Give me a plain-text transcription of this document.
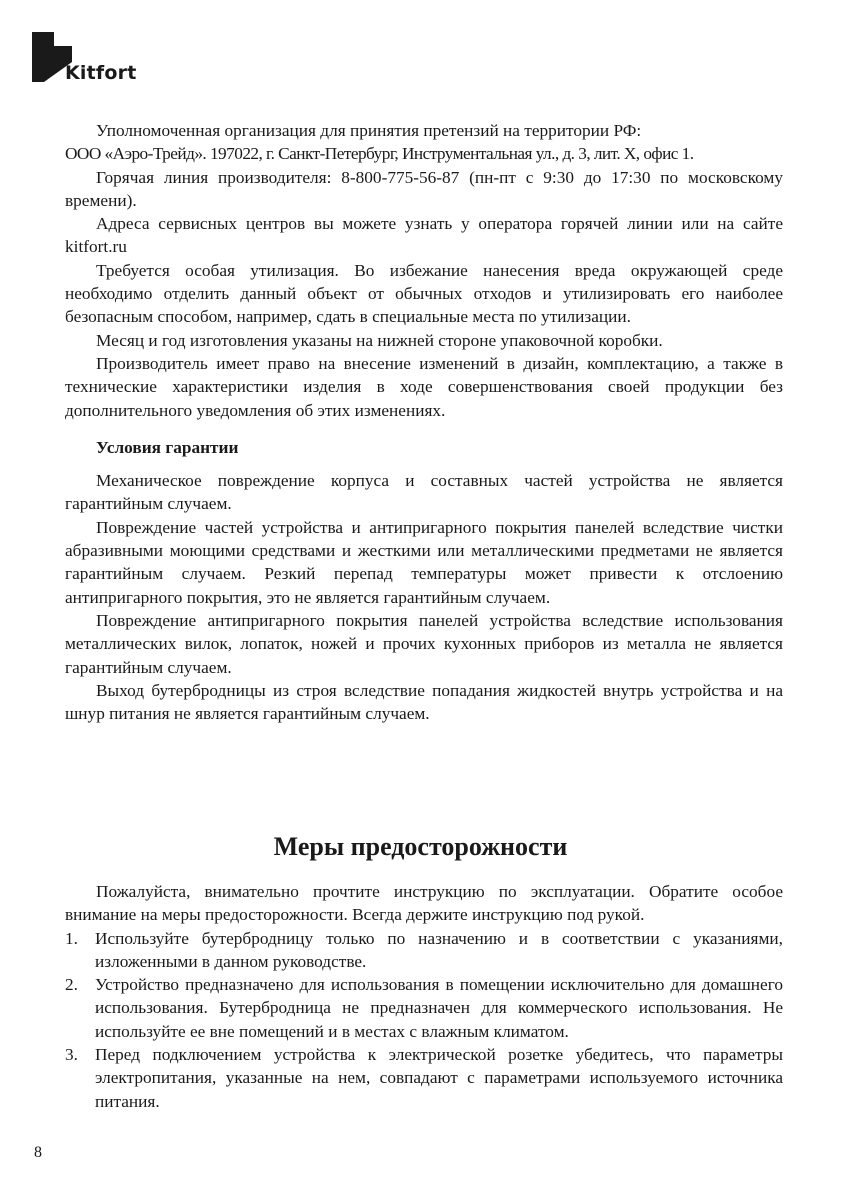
Kitfort

Уполномоченная организация для принятия претензий на территории РФ:
ООО «Аэро-Трейд». 197022, г. Санкт-Петербург, Инструментальная ул., д. 3, лит. Х, офис 1.

Горячая линия производителя: 8-800-775-56-87 (пн-пт с 9:30 до 17:30 по московскому времени).

Адреса сервисных центров вы можете узнать у оператора горячей линии или на сайте kitfort.ru

Требуется особая утилизация. Во избежание нанесения вреда окружающей среде необходимо отделить данный объект от обычных отходов и утилизировать его наиболее безопасным способом, например, сдать в специальные места по утилизации.

Месяц и год изготовления указаны на нижней стороне упаковочной коробки.

Производитель имеет право на внесение изменений в дизайн, комплектацию, а также в технические характеристики изделия в ходе совершенствования своей продукции без дополнительного уведомления об этих изменениях.

Условия гарантии

Механическое повреждение корпуса и составных частей устройства не является гарантийным случаем.

Повреждение частей устройства и антипригарного покрытия панелей вследствие чистки абразивными моющими средствами и жесткими или металлическими предметами не является гарантийным случаем. Резкий перепад температуры может привести к отслоению антипригарного покрытия, это не является гарантийным случаем.

Повреждение антипригарного покрытия панелей устройства вследствие использования металлических вилок, лопаток, ножей и прочих кухонных приборов из металла не является гарантийным случаем.

Выход бутербродницы из строя вследствие попадания жидкостей внутрь устройства и на шнур питания не является гарантийным случаем.

Меры предосторожности

Пожалуйста, внимательно прочтите инструкцию по эксплуатации. Обратите особое внимание на меры предосторожности. Всегда держите инструкцию под рукой.

1. Используйте бутербродницу только по назначению и в соответствии с указаниями, изложенными в данном руководстве.
2. Устройство предназначено для использования в помещении исключительно для домашнего использования. Бутербродница не предназначен для коммерческого использования. Не используйте ее вне помещений и в местах с влажным климатом.
3. Перед подключением устройства к электрической розетке убедитесь, что параметры электропитания, указанные на нем, совпадают с параметрами используемого источника питания.
8
